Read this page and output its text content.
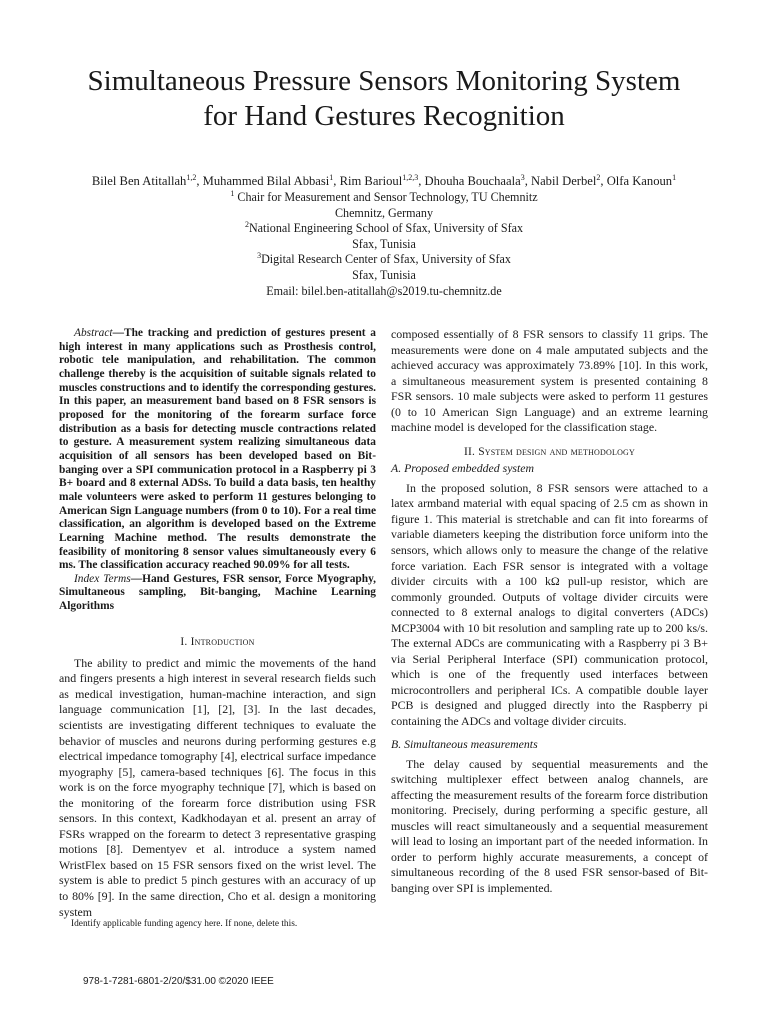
Simultaneous Pressure Sensors Monitoring System
for Hand Gestures Recognition
Bilel Ben Atitallah$^{1,2}$, Muhammed Bilal Abbasi$^1$, Rim Barioul$^{1,2,3}$, Dhouha Bouchaala$^3$, Nabil Derbel$^2$, Olfa Kanoun$^1$
$^1$ Chair for Measurement and Sensor Technology, TU Chemnitz
Chemnitz, Germany
$^2$National Engineering School of Sfax, University of Sfax
Sfax, Tunisia
$^3$Digital Research Center of Sfax, University of Sfax
Sfax, Tunisia
Email: bilel.ben-atitallah@s2019.tu-chemnitz.de

Abstract—The tracking and prediction of gestures present a high interest in many applications such as Prosthesis control, robotic tele manipulation, and rehabilitation. The common challenge thereby is the acquisition of suitable signals related to muscles constructions and to identify the corresponding gestures. In this paper, an measurement band based on 8 FSR sensors is proposed for the monitoring of the forearm surface force distribution as a basis for detecting muscle contractions related to gesture. A measurement system realizing simultaneous data acquisition of all sensors has been developed based on Bit-banging over a SPI communication protocol in a Raspberry pi 3 B+ board and 8 external ADSs. To build a data basis, ten healthy male volunteers were asked to perform 11 gestures belonging to American Sign Language numbers (from 0 to 10). For a real time classification, an algorithm is developed based on the Extreme Learning Machine method. The results demonstrate the feasibility of monitoring 8 sensor values simultaneously every 6 ms. The classification accuracy reached 90.09% for all tests.

Index Terms—Hand Gestures, FSR sensor, Force Myography, Simultaneous sampling, Bit-banging, Machine Learning Algorithms

I. Introduction

The ability to predict and mimic the movements of the hand and fingers presents a high interest in several research fields such as medical investigation, human-machine interaction, and sign language communication [1], [2], [3]. In the last decades, scientists are investigating different techniques to evaluate the behavior of muscles and neurons during performing gestures e.g electrical impedance tomography [4], electrical surface impedance myography [5], camera-based techniques [6]. The focus in this work is on the force myography technique [7], which is based on the monitoring of the forearm force distribution using FSR sensors. In this context, Kadkhodayan et al. present an array of FSRs wrapped on the forearm to detect 3 representative grasping motions [8]. Dementyev et al. introduce a system named WristFlex based on 15 FSR sensors fixed on the wrist level. The system is able to predict 5 pinch gestures with an accuracy of up to 80% [9]. In the same direction, Cho et al. design a monitoring system

composed essentially of 8 FSR sensors to classify 11 grips. The measurements were done on 4 male amputated subjects and the achieved accuracy was approximately 73.89% [10]. In this work, a simultaneous measurement system is presented containing 8 FSR sensors. 10 male subjects were asked to perform 11 gestures (0 to 10 American Sign Language) and an extreme learning machine model is developed for the classification stage.

II. System design and methodology

A. Proposed embedded system

In the proposed solution, 8 FSR sensors were attached to a latex armband material with equal spacing of 2.5 cm as shown in figure 1. This material is stretchable and can fit into forearms of variable diameters keeping the distribution force uniform into the sensors, which allows only to measure the change of the relative force variation. Each FSR sensor is integrated with a voltage divider circuits with a 100 kΩ pull-up resistor, which are commonly grounded. Outputs of voltage divider circuits were connected to 8 external analogs to digital converters (ADCs) MCP3004 with 10 bit resolution and sampling rate up to 200 ks/s. The external ADCs are communicating with a Raspberry pi 3 B+ via Serial Peripheral Interface (SPI) communication protocol, which is one of the frequently used interfaces between microcontrollers and peripheral ICs. A compatible double layer PCB is designed and plugged directly into the Raspberry pi containing the ADCs and voltage divider circuits.

B. Simultaneous measurements

The delay caused by sequential measurements and the switching multiplexer effect between analog channels, are affecting the measurement results of the forearm force distribution monitoring. Precisely, during performing a specific gesture, all muscles will react simultaneously and a sequential measurement will lead to losing an important part of the needed information. In order to perform highly accurate measurements, a concept of simultaneous recording of the 8 used FSR sensor-based of Bit-banging over SPI is implemented.

Identify applicable funding agency here. If none, delete this.
978-1-7281-6801-2/20/$31.00 ©2020 IEEE
